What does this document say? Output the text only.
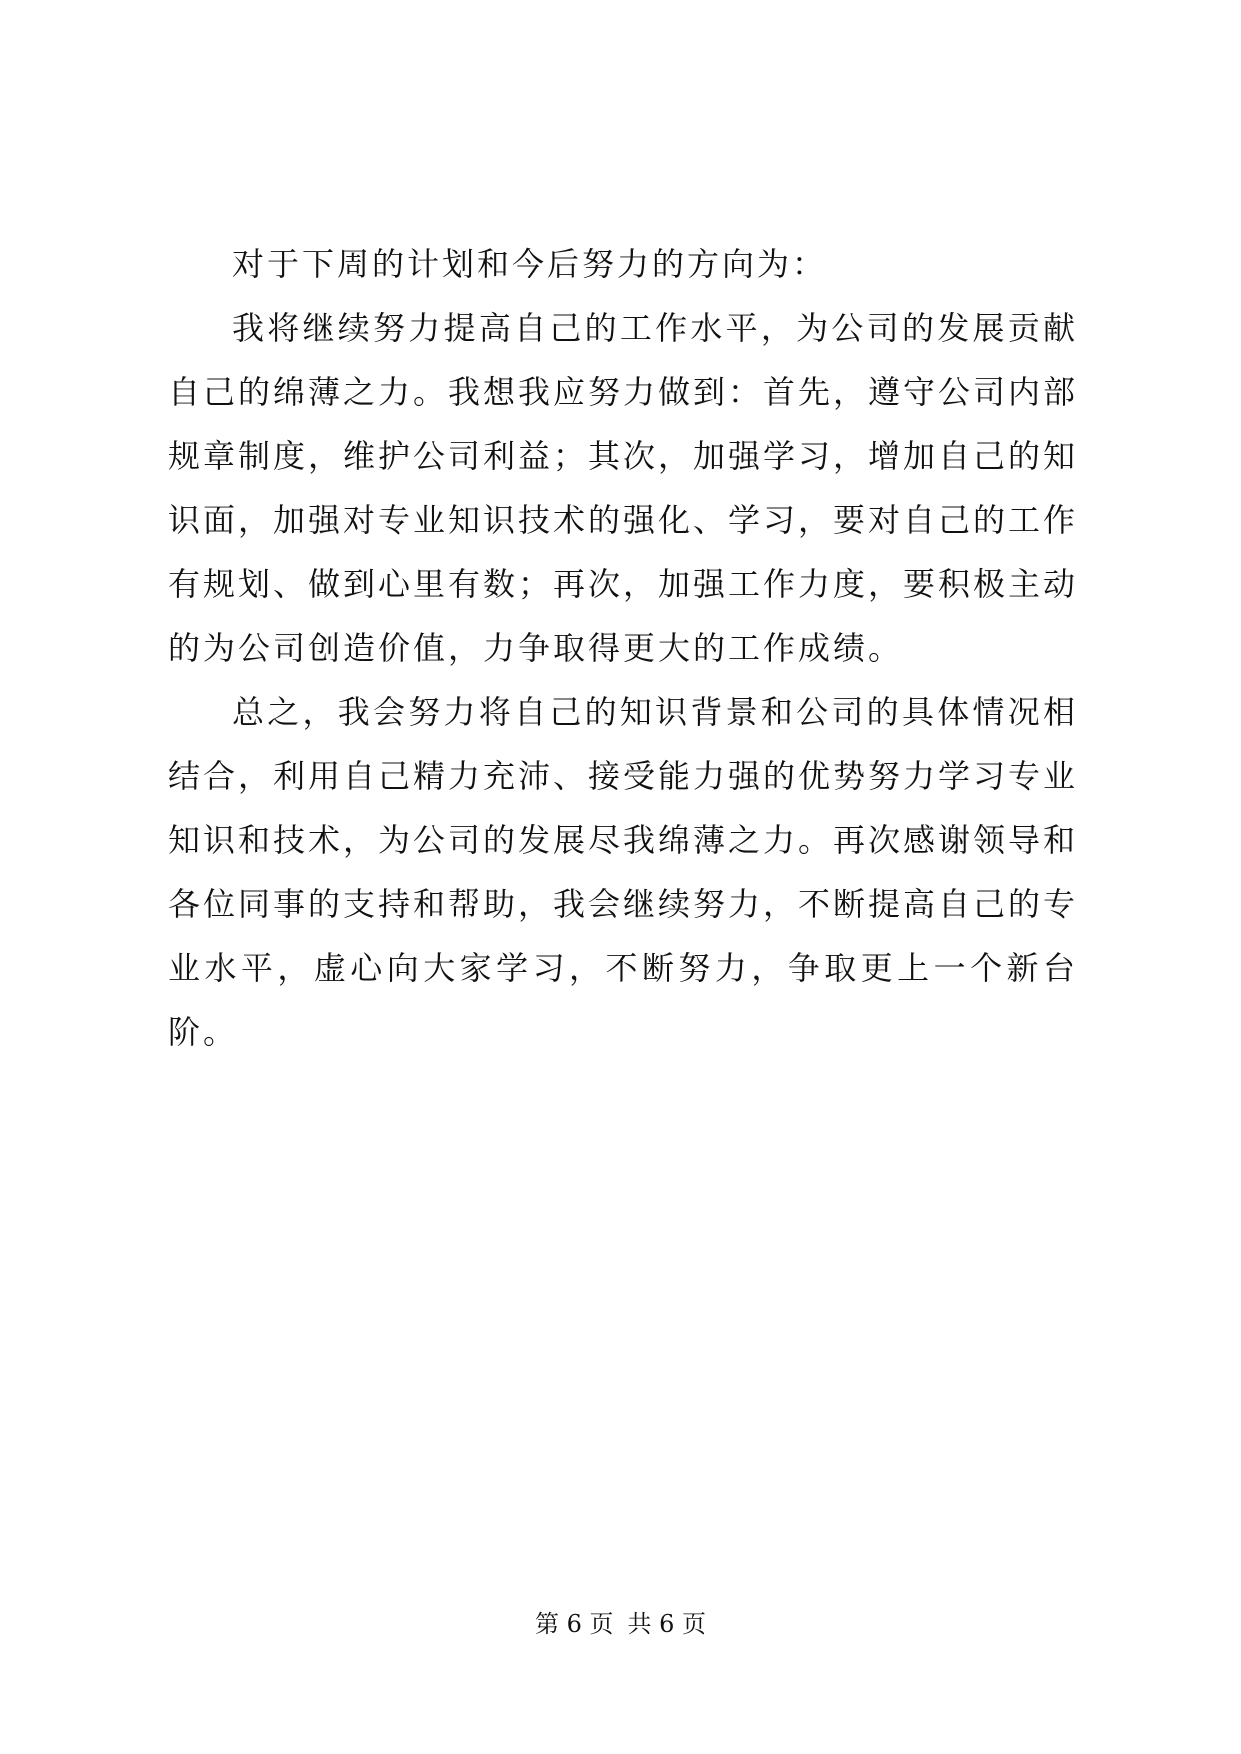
对于下周的计划和今后努力的方向为：

我将继续努力提高自己的工作水平，为公司的发展贡献自己的绵薄之力。我想我应努力做到：首先，遵守公司内部规章制度，维护公司利益；其次，加强学习，增加自己的知识面，加强对专业知识技术的强化、学习，要对自己的工作有规划、做到心里有数；再次，加强工作力度，要积极主动的为公司创造价值，力争取得更大的工作成绩。

总之，我会努力将自己的知识背景和公司的具体情况相结合，利用自己精力充沛、接受能力强的优势努力学习专业知识和技术，为公司的发展尽我绵薄之力。再次感谢领导和各位同事的支持和帮助，我会继续努力，不断提高自己的专业水平，虚心向大家学习，不断努力，争取更上一个新台阶。

第 6 页 共 6 页
